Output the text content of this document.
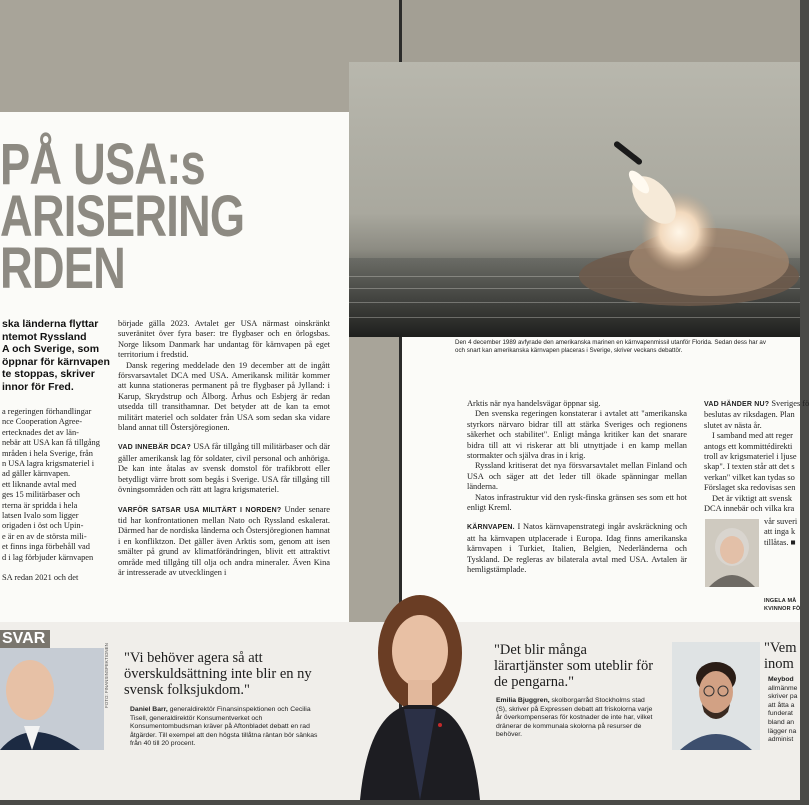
PÅ USA:s
ARISERING
RDEN
ska länderna flyttar
ntemot Ryssland
A och Sverige, som
öppnar för kärnvapen
te stoppas, skriver
innor för Fred.
a regeringen förhandlingar
nce Cooperation Agree-
ertecknades det av län-
nebär att USA kan få tillgång
mråden i hela Sverige, från
n USA lagra krigsmateriel i
ad gäller kärnvapen.
ett liknande avtal med
ges 15 militärbaser och
rterna är spridda i hela
latsen Ivalo som ligger
origaden i öst och Upin-
e är en av de största mili-
et finns inga förbehåll vad
d i lag förbjuder kärnvapen
SA redan 2021 och det

började gälla 2023. Avtalet ger USA närmast oinskränkt suveränitet över fyra baser: tre flygbaser och en örlogsbas. Norge liksom Danmark har undantag för kärnvapen på eget territorium i fredstid.

Dansk regering meddelade den 19 december att de ingått försvarsavtalet DCA med USA. Amerikansk militär kommer att kunna stationeras permanent på tre flygbaser på Jylland: i Karup, Skrydstrup och Ålborg. Århus och Esbjerg är redan utsedda till transithamnar. Det betyder att de kan ta emot militärt materiel och soldater från USA som sedan ska vidare bland annat till Östersjöregionen.

VAD INNEBÄR DCA? USA får tillgång till militärbaser och där gäller amerikansk lag för soldater, civil personal och anhöriga. De kan inte åtalas av svensk domstol för trafikbrott eller betydligt värre brott som begås i Sverige. USA får tillgång till övningsområden och rätt att lagra krigsmateriel.

VARFÖR SATSAR USA MILITÄRT I NORDEN? Under senare tid har konfrontationen mellan Nato och Ryssland eskalerat. Därmed har de nordiska länderna och Östersjöregionen hamnat i en konfliktzon. Det gäller även Arktis som, genom att isen smälter på grund av klimatförändringen, blivit ett attraktivt område med tillgång till olja och andra mineraler. Även Kina är intresserade av utvecklingen i

Den 4 december 1989 avfyrade den amerikanska marinen en kärnvapenmissil utanför Florida. Sedan dess har av
och snart kan amerikanska kärnvapen placeras i Sverige, skriver veckans debattör.

Arktis när nya handelsvägar öppnar sig.

Den svenska regeringen konstaterar i avtalet att "amerikanska styrkors närvaro bidrar till att stärka Sveriges och regionens säkerhet och stabilitet". Enligt många kritiker kan det snarare bidra till att vi riskerar att bli utnyttjade i en kamp mellan stormakter och själva dras in i krig.

Ryssland kritiserat det nya försvarsavtalet mellan Finland och USA och säger att det leder till ökade spänningar mellan länderna.

Natos infrastruktur vid den rysk-finska gränsen ses som ett hot enligt Kreml.

KÄRNVAPEN. I Natos kärnvapenstrategi ingår avskräckning och att ha kärnvapen utplacerade i Europa. Idag finns amerikanska kärnvapen i Turkiet, Italien, Belgien, Nederländerna och Tyskland. De regleras av bilaterala avtal med USA. Avtalen är hemligstämplade.

VAD HÄNDER NU? Sveriges fö
beslutas av riksdagen. Plan
slutet av nästa år.
I samband med att reger
antogs ett kommittédirekti
troll av krigsmateriel i ljuse
skap". I texten står att det s
verkan" vilket kan tydas so
Förslaget ska redovisas sen
Det är viktigt att svensk
DCA innebär och vilka kra
vår suveri
att inga k
tillåtas. ■
INGELA MÅ
KVINNOR FÖ
SVAR
FOTO: FINANSINSPEKTIONEN "Vi behöver agera så att överskuldsättning inte blir en ny svensk folksjukdom."
Daniel Barr, generaldirektör Finansinspektionen och Cecilia Tisell, generaldirektör Konsumentverket och Konsumentombudsman kräver på Aftonbladet debatt en rad åtgärder. Till exempel att den högsta tillåtna räntan bör sänkas från 40 till 20 procent.
"Det blir många lärartjänster som uteblir för de pengarna."
Emilia Bjuggren, skolborgarråd Stockholms stad (S), skriver på Expressen debatt att friskolorna varje år överkompenseras för kostnader de inte har, vilket dränerar de kommunala skolorna på resurser de behöver.
"Vem
inom
Meybod
allmänme
skriver pa
att åtta a
funderat
bland an
lägger na
administ
